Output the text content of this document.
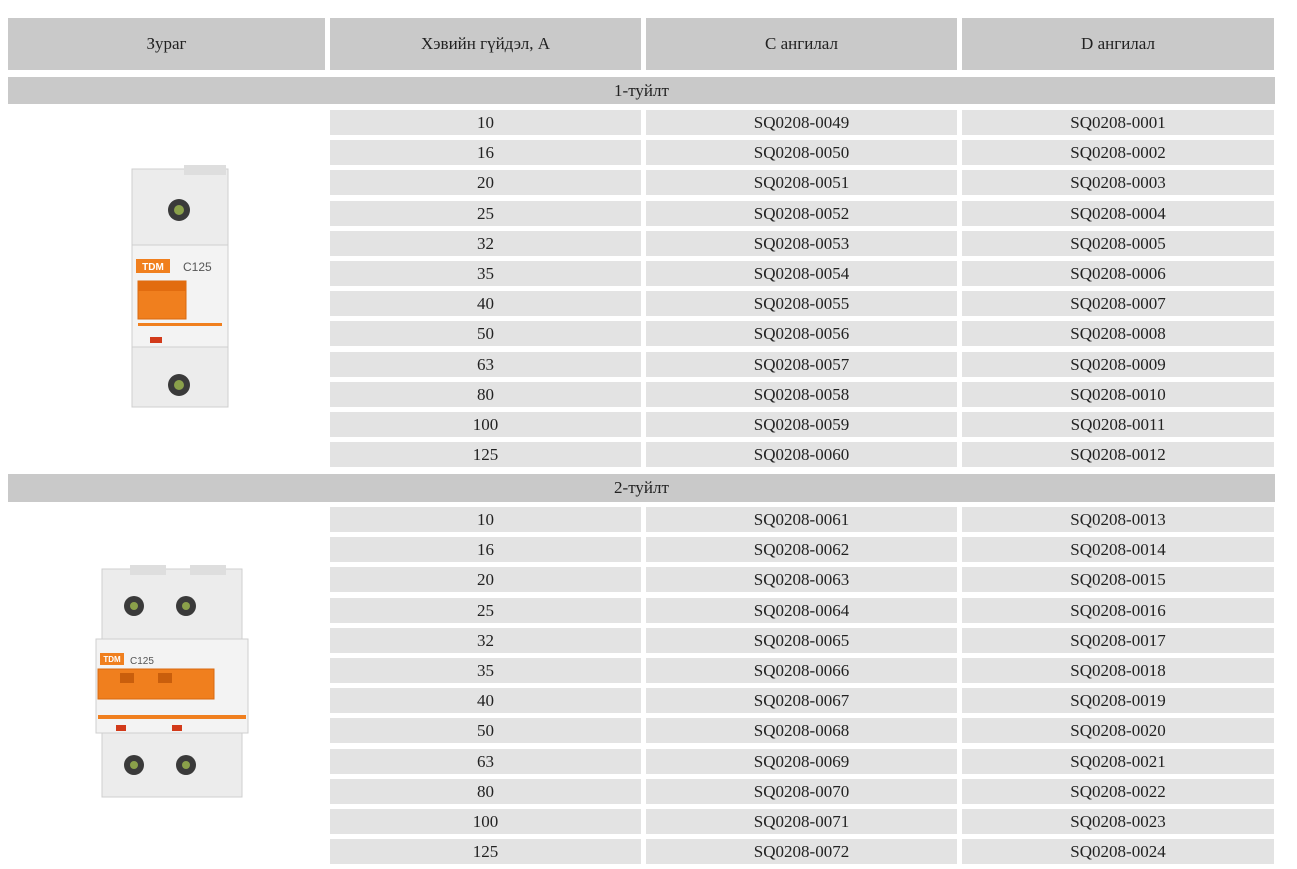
Зураг	Хэвийн гүйдэл, А	C ангилал	D ангилал
1-туйлт
TDM C125
10	SQ0208-0049	SQ0208-0001
16	SQ0208-0050	SQ0208-0002
20	SQ0208-0051	SQ0208-0003
25	SQ0208-0052	SQ0208-0004
32	SQ0208-0053	SQ0208-0005
35	SQ0208-0054	SQ0208-0006
40	SQ0208-0055	SQ0208-0007
50	SQ0208-0056	SQ0208-0008
63	SQ0208-0057	SQ0208-0009
80	SQ0208-0058	SQ0208-0010
100	SQ0208-0059	SQ0208-0011
125	SQ0208-0060	SQ0208-0012
2-туйлт
TDM C125
10	SQ0208-0061	SQ0208-0013
16	SQ0208-0062	SQ0208-0014
20	SQ0208-0063	SQ0208-0015
25	SQ0208-0064	SQ0208-0016
32	SQ0208-0065	SQ0208-0017
35	SQ0208-0066	SQ0208-0018
40	SQ0208-0067	SQ0208-0019
50	SQ0208-0068	SQ0208-0020
63	SQ0208-0069	SQ0208-0021
80	SQ0208-0070	SQ0208-0022
100	SQ0208-0071	SQ0208-0023
125	SQ0208-0072	SQ0208-0024
